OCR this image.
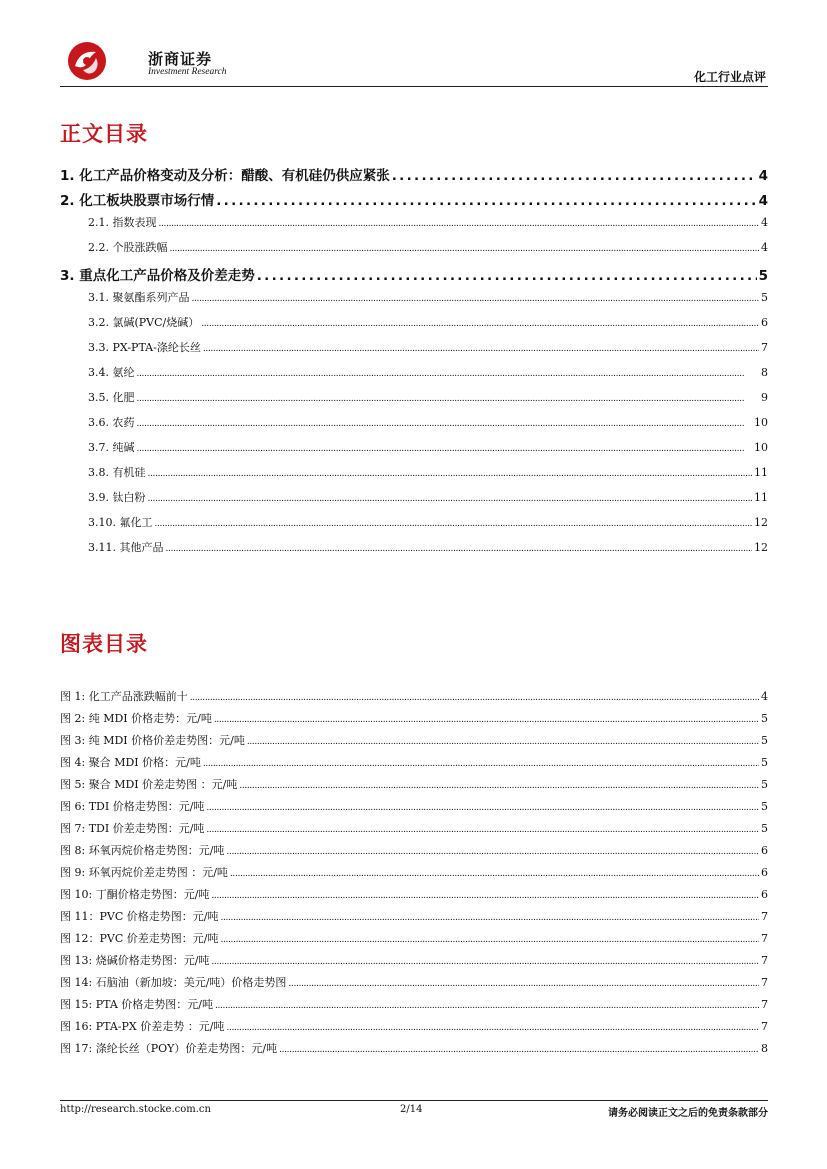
浙商证券
Investment Research	化工行业点评
正文目录
1. 化工产品价格变动及分析：醋酸、有机硅仍供应紧张 . . .	4
2. 化工板块股票市场行情 . . .	4
2.1. 指数表现 . . .	4
2.2. 个股涨跌幅 . . .	4
3. 重点化工产品价格及价差走势 . . .	5
3.1. 聚氨酯系列产品 . . .	5
3.2. 氯碱(PVC/烧碱） . . .	6
3.3. PX-PTA-涤纶长丝 . . .	7
3.4. 氨纶 . . .	8
3.5. 化肥 . . .	9
3.6. 农药 . . .	10
3.7. 纯碱 . . .	10
3.8. 有机硅 . . .	11
3.9. 钛白粉 . . .	11
3.10. 氟化工 . . .	12
3.11. 其他产品 . . .	12
图表目录
图 1: 化工产品涨跌幅前十 . . .	4
图 2: 纯 MDI 价格走势：元/吨 . . .	5
图 3: 纯 MDI 价格价差走势图：元/吨 . . .	5
图 4: 聚合 MDI 价格：元/吨 . . .	5
图 5: 聚合 MDI 价差走势图 ：元/吨 . . .	5
图 6: TDI 价格走势图：元/吨 . . .	5
图 7: TDI 价差走势图：元/吨 . . .	5
图 8: 环氧丙烷价格走势图：元/吨 . . .	6
图 9: 环氧丙烷价差走势图 ：元/吨 . . .	6
图 10: 丁酮价格走势图：元/吨 . . .	6
图 11：PVC 价格走势图：元/吨 . . .	7
图 12：PVC 价差走势图：元/吨 . . .	7
图 13: 烧碱价格走势图：元/吨 . . .	7
图 14: 石脑油（新加坡：美元/吨）价格走势图 . . .	7
图 15: PTA 价格走势图：元/吨 . . .	7
图 16: PTA-PX 价差走势 ：元/吨 . . .	7
图 17: 涤纶长丝（POY）价差走势图：元/吨 . . .	8
http://research.stocke.com.cn	2/14	请务必阅读正文之后的免责条款部分
